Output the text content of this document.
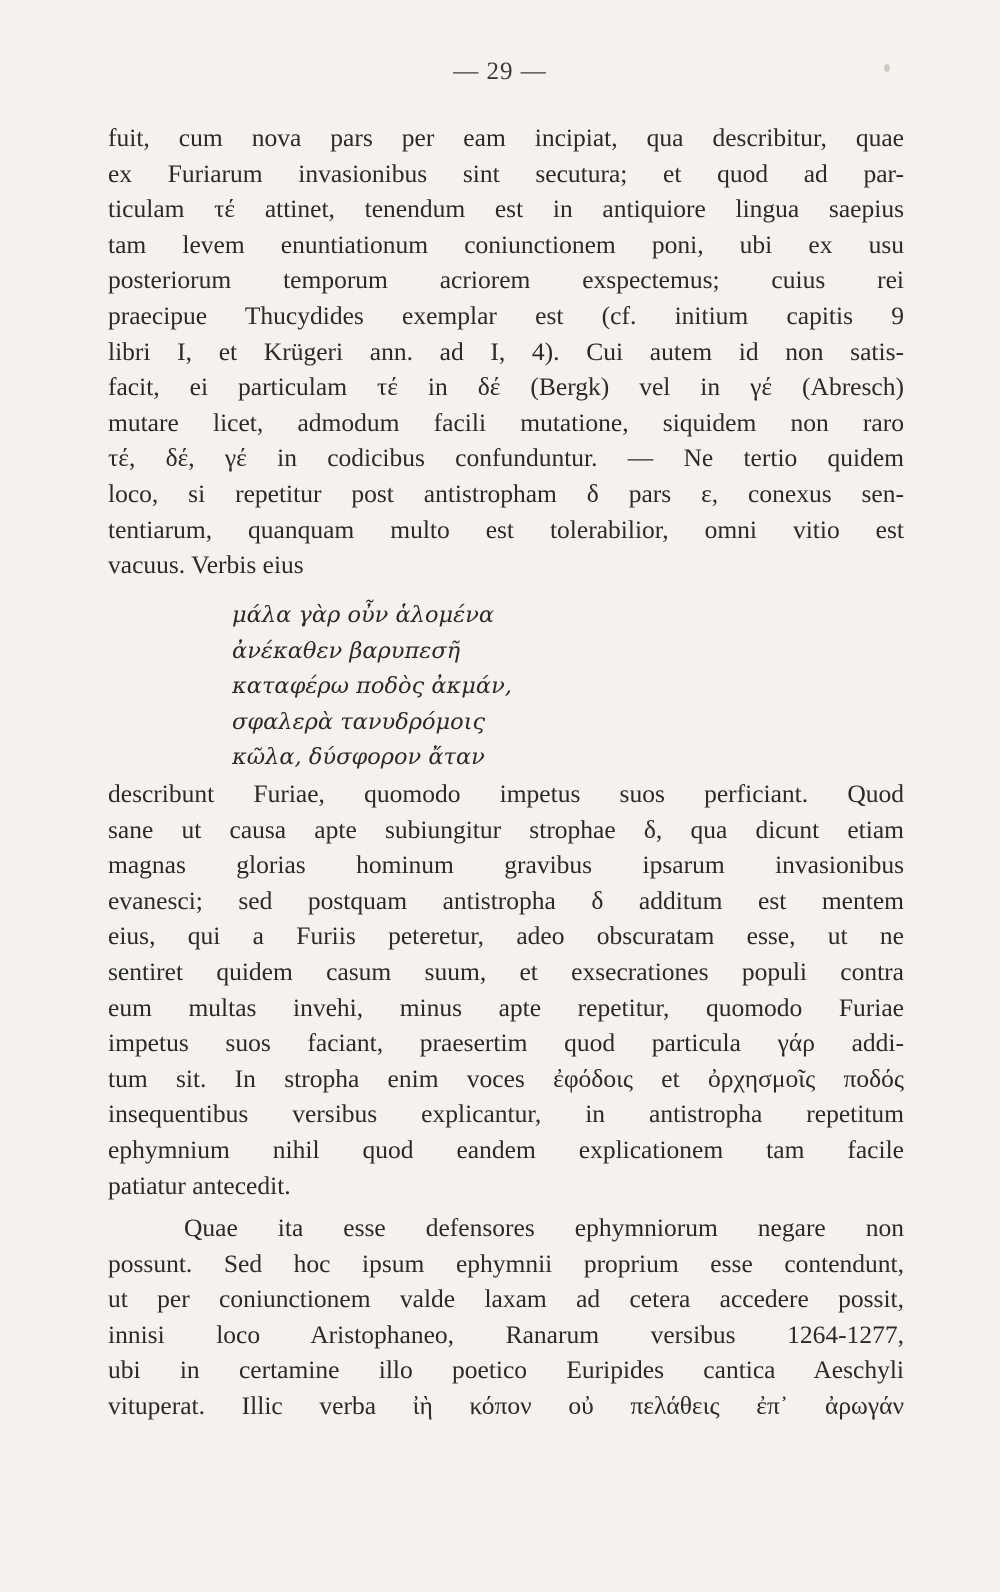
— 29 —
fuit, cum nova pars per eam incipiat, qua describitur, quae
ex Furiarum invasionibus sint secutura; et quod ad par-
ticulam τέ attinet, tenendum est in antiquiore lingua saepius
tam levem enuntiationum coniunctionem poni, ubi ex usu
posteriorum temporum acriorem exspectemus; cuius rei
praecipue Thucydides exemplar est (cf. initium capitis 9
libri I, et Krügeri ann. ad I, 4). Cui autem id non satis-
facit, ei particulam τέ in δέ (Bergk) vel in γέ (Abresch)
mutare licet, admodum facili mutatione, siquidem non raro
τέ, δέ, γέ in codicibus confunduntur. — Ne tertio quidem
loco, si repetitur post antistropham δ pars ε, conexus sen-
tentiarum, quanquam multo est tolerabilior, omni vitio est
vacuus. Verbis eius
μάλα γὰρ οὖν ἁλομένα
ἀνέκαθεν βαρυπεσῆ
καταφέρω ποδὸς ἀκμάν,
σφαλερὰ τανυδρόμοις
κῶλα, δύσφορον ἄταν
describunt Furiae, quomodo impetus suos perficiant. Quod
sane ut causa apte subiungitur strophae δ, qua dicunt etiam
magnas glorias hominum gravibus ipsarum invasionibus
evanesci; sed postquam antistropha δ additum est mentem
eius, qui a Furiis peteretur, adeo obscuratam esse, ut ne
sentiret quidem casum suum, et exsecrationes populi contra
eum multas invehi, minus apte repetitur, quomodo Furiae
impetus suos faciant, praesertim quod particula γάρ addi-
tum sit. In stropha enim voces ἐφόδοις et ὀρχησμοῖς ποδός
insequentibus versibus explicantur, in antistropha repetitum
ephymnium nihil quod eandem explicationem tam facile
patiatur antecedit.
Quae ita esse defensores ephymniorum negare non
possunt. Sed hoc ipsum ephymnii proprium esse contendunt,
ut per coniunctionem valde laxam ad cetera accedere possit,
innisi loco Aristophaneo, Ranarum versibus 1264-1277,
ubi in certamine illo poetico Euripides cantica Aeschyli
vituperat. Illic verba ἰὴ κόπον οὐ πελάθεις ἐπ᾽ ἀρωγάν
